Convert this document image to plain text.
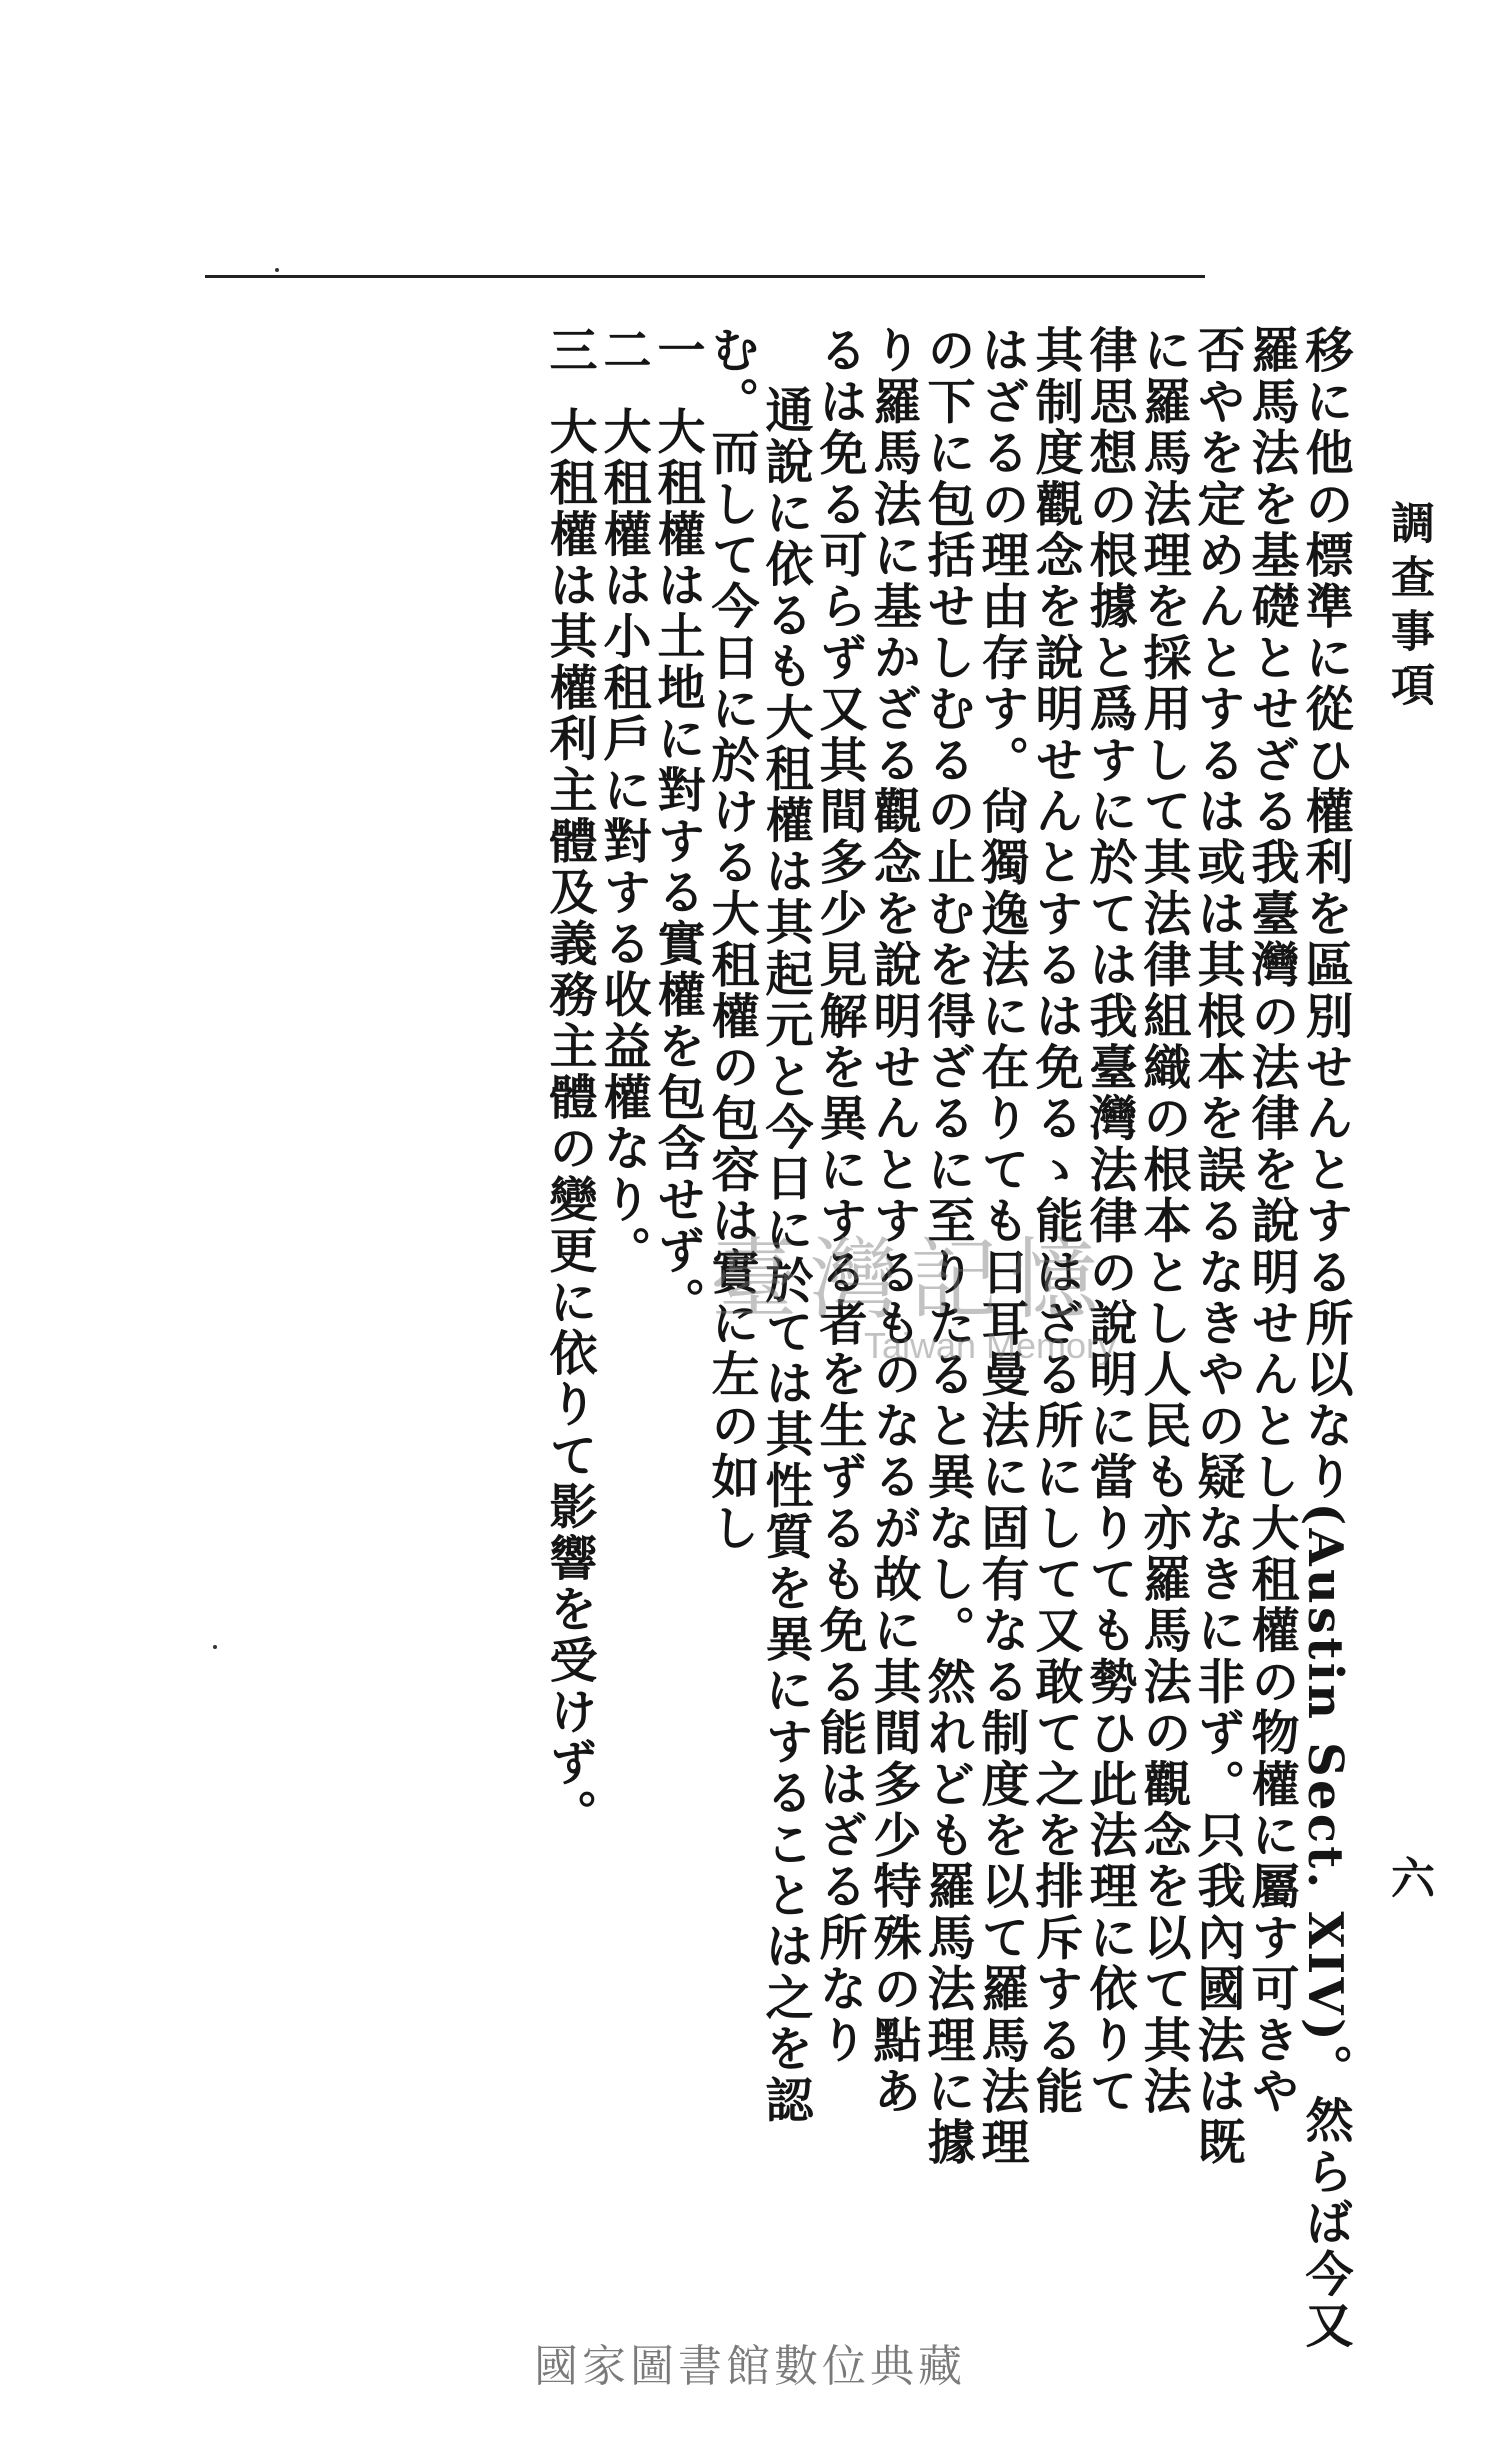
調查事項
六
移に他の標準に從ひ權利を區別せんとする所以なり(Austin Sect. XIV)。然らば今又
羅馬法を基礎とせざる我臺灣の法律を說明せんとし大租權の物權に屬す可きや
否やを定めんとするは或は其根本を誤るなきやの疑なきに非ず。只我內國法は既
に羅馬法理を採用して其法律組織の根本とし人民も亦羅馬法の觀念を以て其法
律思想の根據と爲すに於ては我臺灣法律の說明に當りても勢ひ此法理に依りて
其制度觀念を說明せんとするは免るゝ能はざる所にして又敢て之を排斥する能
はざるの理由存す。尙獨逸法に在りても日耳曼法に固有なる制度を以て羅馬法理
の下に包括せしむるの止むを得ざるに至りたると異なし。然れども羅馬法理に據
り羅馬法に基かざる觀念を說明せんとするものなるが故に其間多少特殊の點あ
るは免る可らず又其間多少見解を異にする者を生ずるも免る能はざる所なり
通說に依るも大租權は其起元と今日に於ては其性質を異にすることは之を認
む。而して今日に於ける大租權の包容は實に左の如し
一大租權は土地に對する實權を包含せず。
二大租權は小租戶に對する收益權なり。
三大租權は其權利主體及義務主體の變更に依りて影響を受けず。 臺灣記憶
Taiwan Memory
國家圖書館數位典藏
